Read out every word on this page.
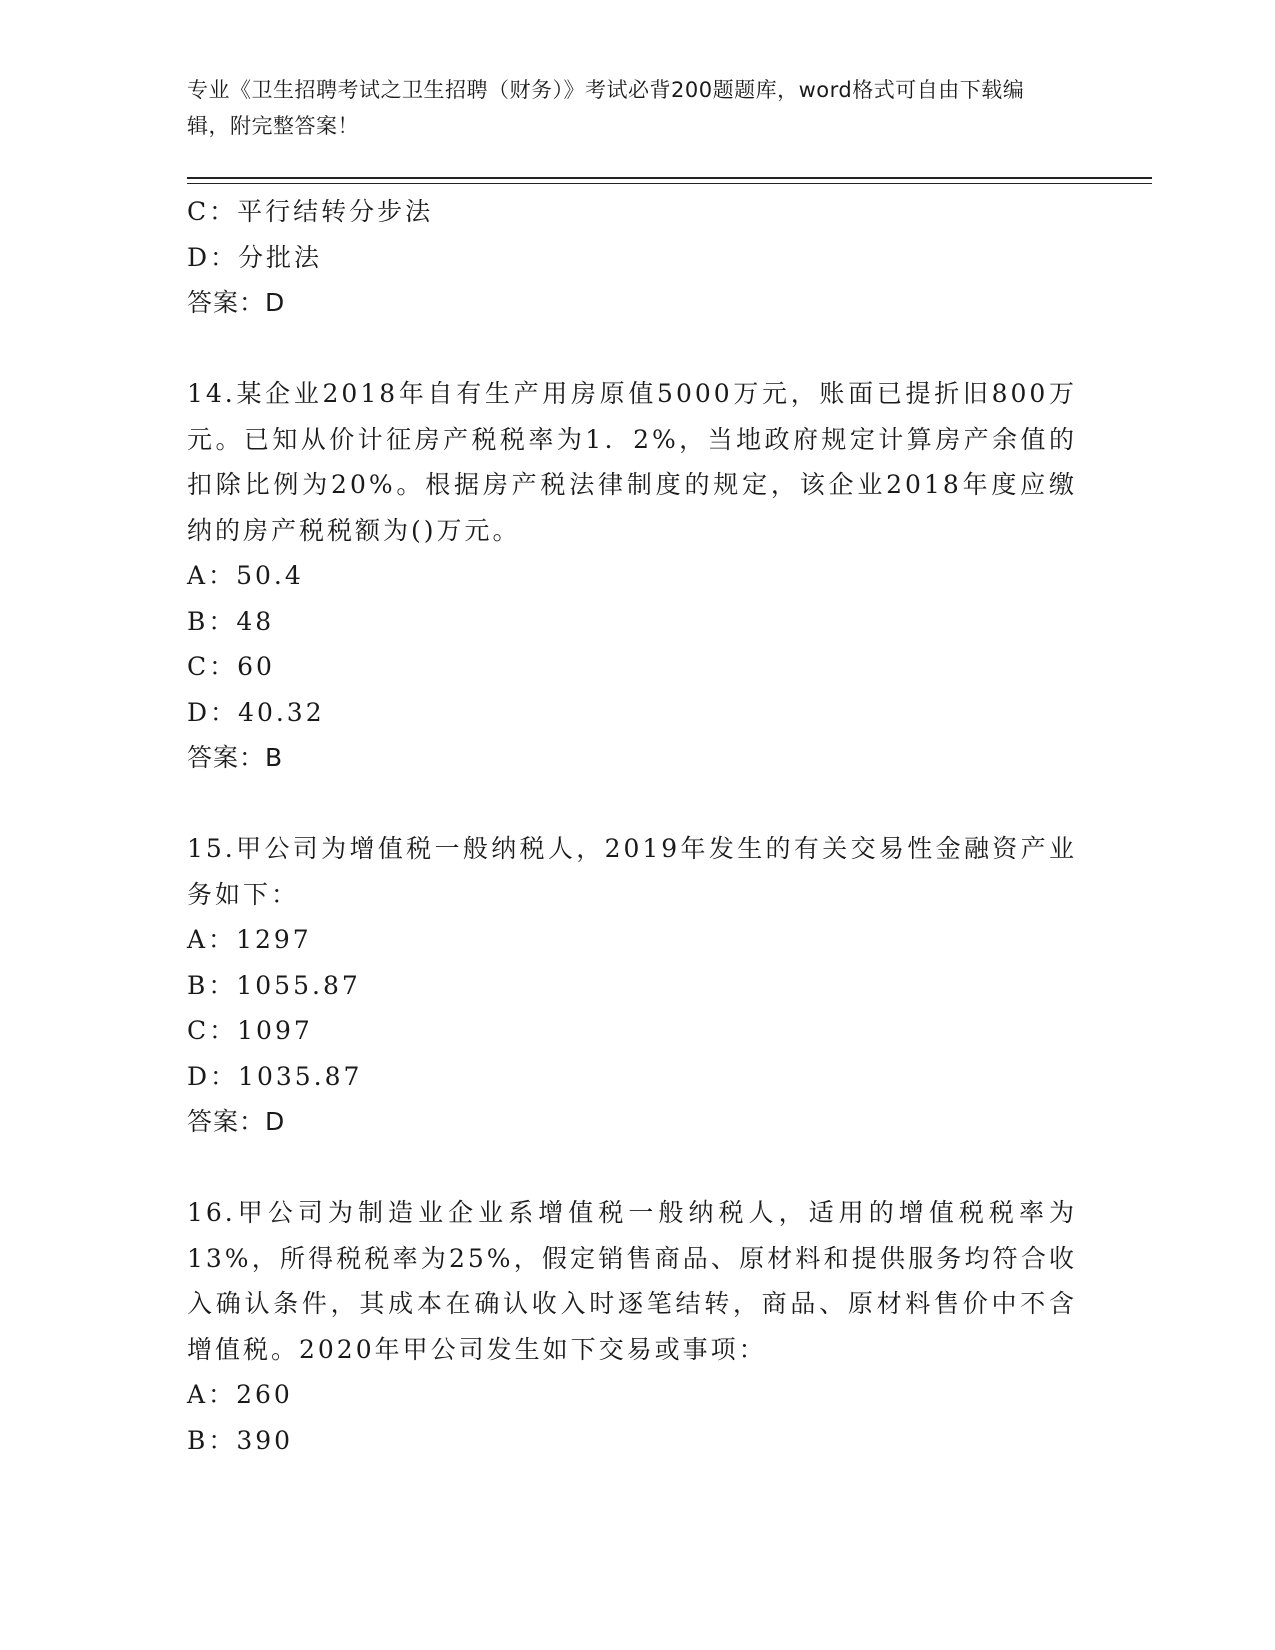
专业《卫生招聘考试之卫生招聘（财务）》考试必背200题题库，word格式可自由下载编辑，附完整答案！

C：平行结转分步法

D：分批法

答案：D

14.某企业2018年自有生产用房原值5000万元，账面已提折旧800万元。已知从价计征房产税税率为1．2%，当地政府规定计算房产余值的扣除比例为20%。根据房产税法律制度的规定，该企业2018年度应缴纳的房产税税额为()万元。

A：50.4

B：48

C：60

D：40.32

答案：B

15.甲公司为增值税一般纳税人，2019年发生的有关交易性金融资产业务如下：

A：1297

B：1055.87

C：1097

D：1035.87

答案：D

16.甲公司为制造业企业系增值税一般纳税人，适用的增值税税率为13%，所得税税率为25%，假定销售商品、原材料和提供服务均符合收入确认条件，其成本在确认收入时逐笔结转，商品、原材料售价中不含增值税。2020年甲公司发生如下交易或事项：

A：260

B：390
